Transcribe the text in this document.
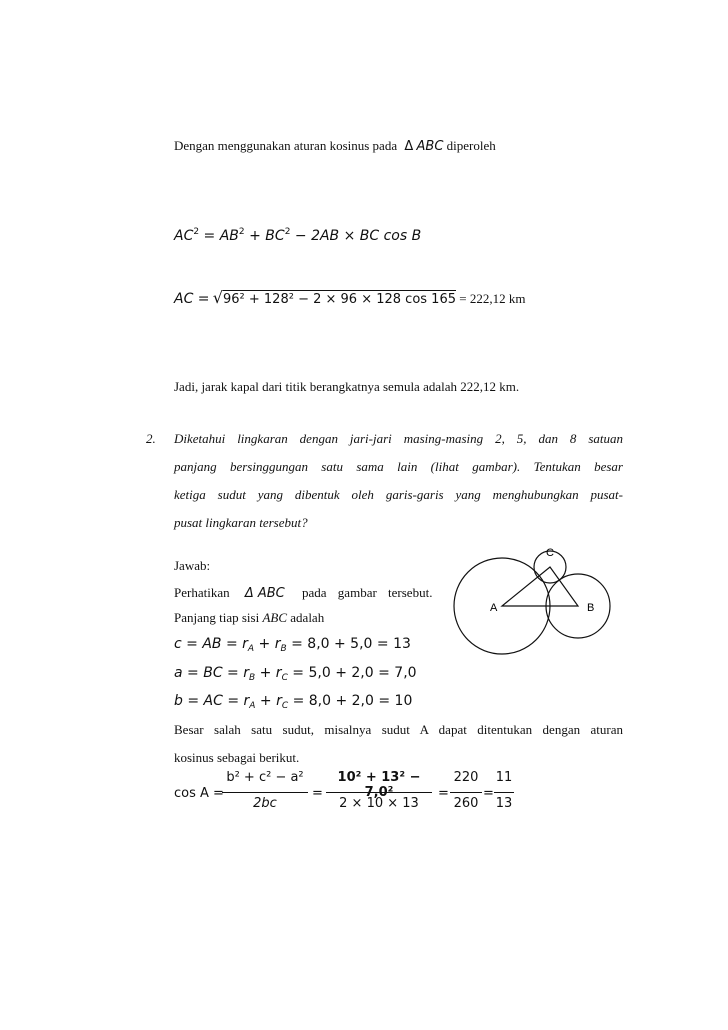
Dengan menggunakan aturan kosinus pada Δ ABC diperoleh
$AC^2 = AB^2 + BC^2 - 2AB$ × BC cos B
AC = √96² + 128² − 2 × 96 × 128 cos 165 = 222,12 km
Jadi, jarak kapal dari titik berangkatnya semula adalah 222,12 km.
2. Diketahui lingkaran dengan jari-jari masing-masing 2, 5, dan 8 satuan
panjang bersinggungan satu sama lain (lihat gambar). Tentukan besar
ketiga sudut yang dibentuk oleh garis-garis yang menghubungkan pusat-
pusat lingkaran tersebut?
Jawab:
Perhatikan Δ ABC pada gambar tersebut.
Panjang tiap sisi ABC adalah
c = AB = $r_A + r_B = 8,0 + 5,0 = 13$
a = BC = $r_B + r_C = 5,0 + 2,0 = 7,0$
b = AC = $r_A + r_C = 8,0 + 2,0 = 10$
Besar salah satu sudut, misalnya sudut A dapat ditentukan dengan aturan
kosinus sebagai berikut.
cos A =
b² + c² − a²
2bc
=
10² + 13² − 7,0²
2 × 10 × 13
=
220
260
=
11
13
C
A	B
